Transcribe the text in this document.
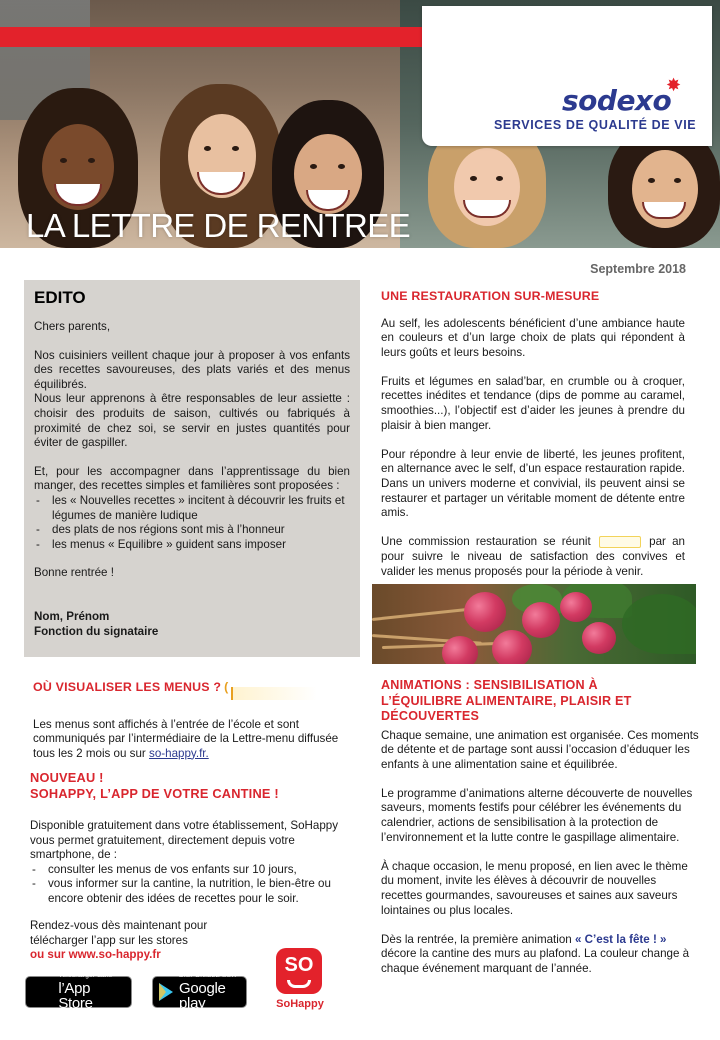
sodexo
✸
SERVICES DE QUALITÉ DE VIE
LA LETTRE DE RENTREE
Septembre 2018
EDITO

Chers parents,

Nos cuisiniers veillent chaque jour à proposer à vos enfants des recettes savoureuses, des plats variés et des menus équilibrés.

Nous leur apprenons à être responsables de leur assiette : choisir des produits de saison, cultivés ou fabriqués à proximité de chez soi, se servir en justes quantités pour éviter de gaspiller.

Et, pour les accompagner dans l’apprentissage du bien manger, des recettes simples et familières sont proposées :

- les « Nouvelles recettes » incitent à découvrir les fruits et légumes de manière ludique
- des plats de nos régions sont mis à l’honneur
- les menus « Equilibre » guident sans imposer

Bonne rentrée !

Nom, Prénom
Fonction du signataire
UNE RESTAURATION SUR-MESURE

Au self, les adolescents bénéficient d’une ambiance haute en couleurs et d’un large choix de plats qui répondent à leurs goûts et leurs besoins.

Fruits et légumes en salad’bar, en crumble ou à croquer, recettes inédites et tendance (dips de pomme au caramel, smoothies...), l’objectif est d’aider les jeunes à prendre du plaisir à bien manger.

Pour répondre à leur envie de liberté, les jeunes profitent, en alternance avec le self, d’un espace restauration rapide. Dans un univers moderne et convivial, ils peuvent ainsi se restaurer et partager un véritable moment de détente entre amis.

Une commission restauration se réunit	par an pour suivre le niveau de satisfaction des convives et valider les menus proposés pour la période à venir.

OÙ VISUALISER LES MENUS ? (
Les menus sont affichés à l’entrée de l’école et sont communiqués par l’intermédiaire de la Lettre-menu diffusée tous les 2 mois ou sur so-happy.fr.
NOUVEAU !
SOHAPPY, L’APP DE VOTRE CANTINE !
Disponible gratuitement dans votre établissement, SoHappy vous permet gratuitement, directement depuis votre smartphone, de :
- consulter les menus de vos enfants sur 10 jours,
- vous informer sur la cantine, la nutrition, le bien-être ou encore obtenir des idées de recettes pour le soir.
Rendez-vous dès maintenant pour
télécharger l’app sur les stores
ou sur www.so-happy.fr
Télécharger dans
l’App Store
DISPONIBLE SUR
Google play
SO
SoHappy
ANIMATIONS : SENSIBILISATION À L’ÉQUILIBRE ALIMENTAIRE, PLAISIR ET DÉCOUVERTES

Chaque semaine, une animation est organisée. Ces moments de détente et de partage sont aussi l’occasion d’éduquer les enfants à une alimentation saine et équilibrée.

Le programme d’animations alterne découverte de nouvelles saveurs, moments festifs pour célébrer les événements du calendrier, actions de sensibilisation à la protection de l’environnement et la lutte contre le gaspillage alimentaire.

À chaque occasion, le menu proposé, en lien avec le thème du moment, invite les élèves à découvrir de nouvelles recettes gourmandes, savoureuses et saines aux saveurs lointaines ou plus locales.

Dès la rentrée, la première animation « C’est la fête ! » décore la cantine des murs au plafond. La couleur change à chaque événement marquant de l’année.
